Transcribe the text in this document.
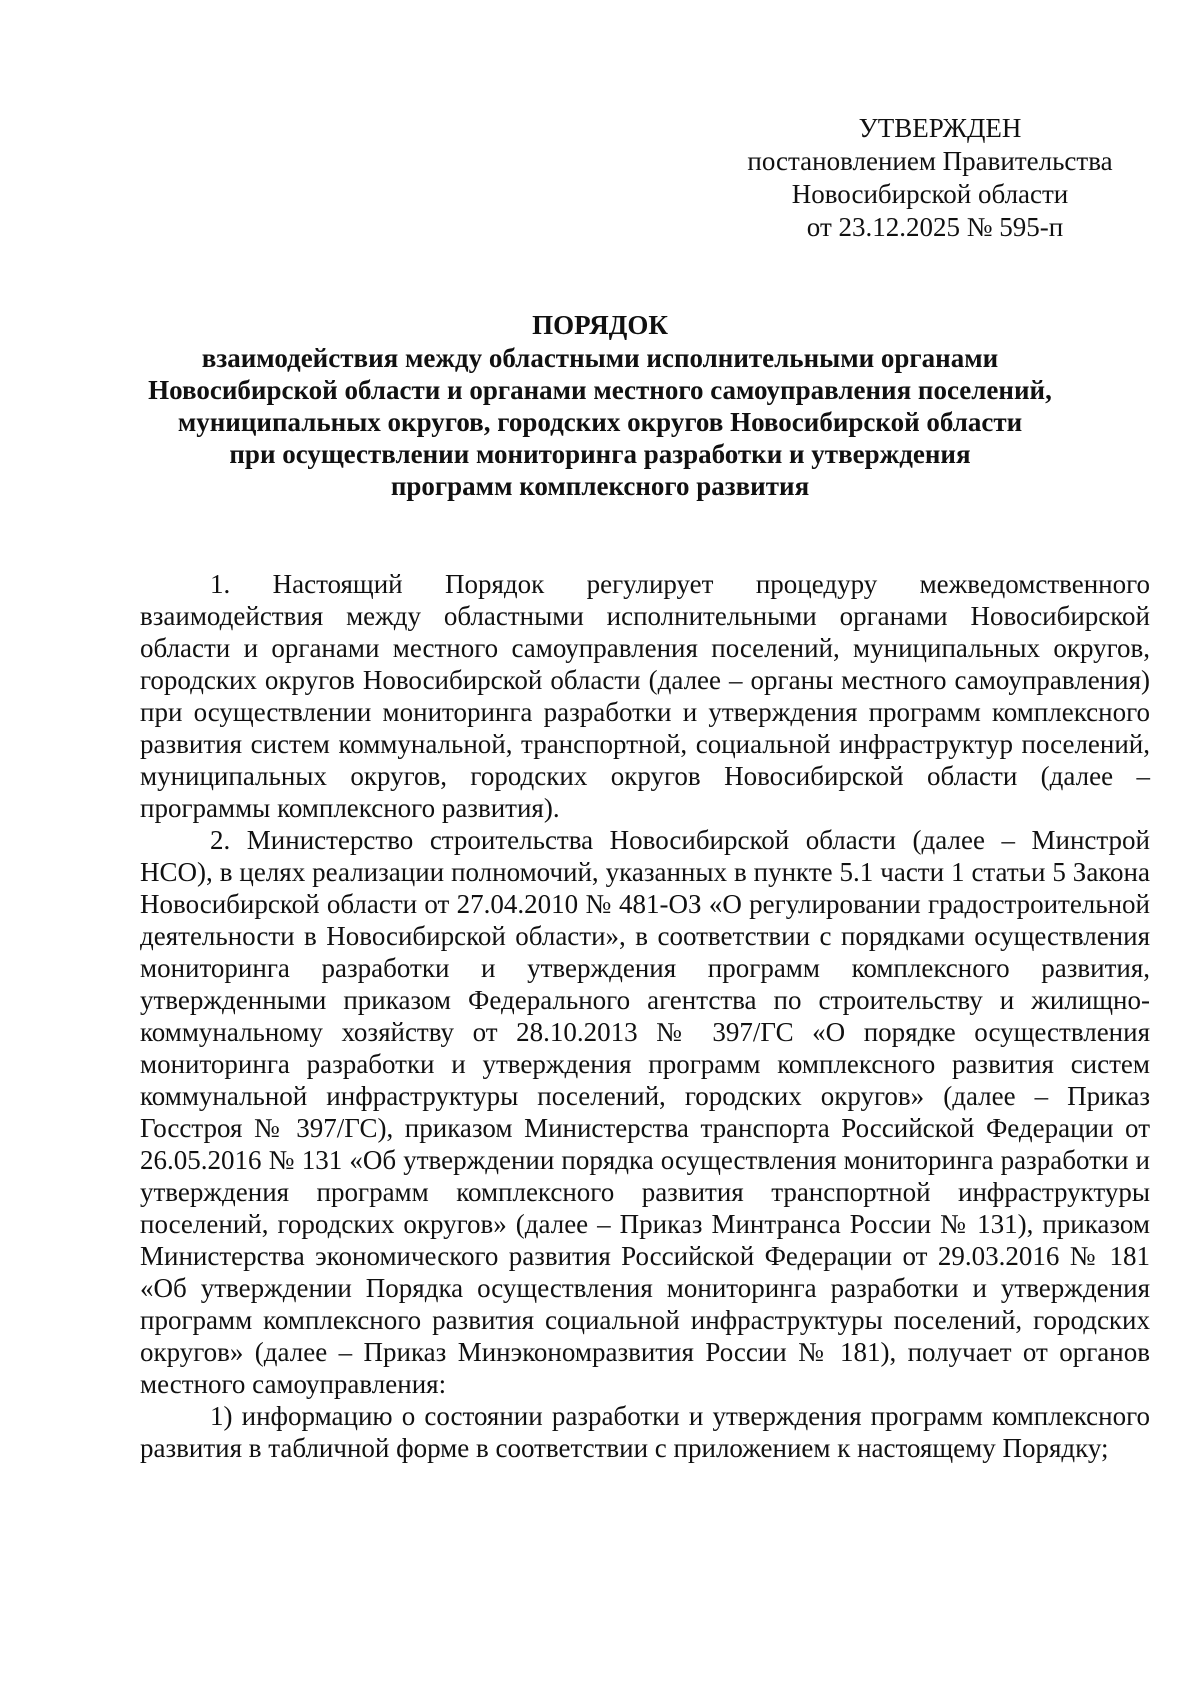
УТВЕРЖДЕН
постановлением Правительства
Новосибирской области
от 23.12.2025 № 595-п
ПОРЯДОК
взаимодействия между областными исполнительными органами
Новосибирской области и органами местного самоуправления поселений,
муниципальных округов, городских округов Новосибирской области
при осуществлении мониторинга разработки и утверждения
программ комплексного развития

1. Настоящий Порядок регулирует процедуру межведомственного взаимодействия между областными исполнительными органами Новосибирской области и органами местного самоуправления поселений, муниципальных округов, городских округов Новосибирской области (далее – органы местного самоуправления) при осуществлении мониторинга разработки и утверждения программ комплексного развития систем коммунальной, транспортной, социальной инфраструктур поселений, муниципальных округов, городских округов Новосибирской области (далее – программы комплексного развития).

2. Министерство строительства Новосибирской области (далее – Минстрой НСО), в целях реализации полномочий, указанных в пункте 5.1 части 1 статьи 5 Закона Новосибирской области от 27.04.2010 № 481-ОЗ «О регулировании градостроительной деятельности в Новосибирской области», в соответствии с порядками осуществления мониторинга разработки и утверждения программ комплексного развития, утвержденными приказом Федерального агентства по строительству и жилищно-коммунальному хозяйству от 28.10.2013 № 397/ГС «О порядке осуществления мониторинга разработки и утверждения программ комплексного развития систем коммунальной инфраструктуры поселений, городских округов» (далее – Приказ Госстроя № 397/ГС), приказом Министерства транспорта Российской Федерации от 26.05.2016 № 131 «Об утверждении порядка осуществления мониторинга разработки и утверждения программ комплексного развития транспортной инфраструктуры поселений, городских округов» (далее – Приказ Минтранса России № 131), приказом Министерства экономического развития Российской Федерации от 29.03.2016 № 181 «Об утверждении Порядка осуществления мониторинга разработки и утверждения программ комплексного развития социальной инфраструктуры поселений, городских округов» (далее – Приказ Минэкономразвития России № 181), получает от органов местного самоуправления:

1) информацию о состоянии разработки и утверждения программ комплексного развития в табличной форме в соответствии с приложением к настоящему Порядку;
